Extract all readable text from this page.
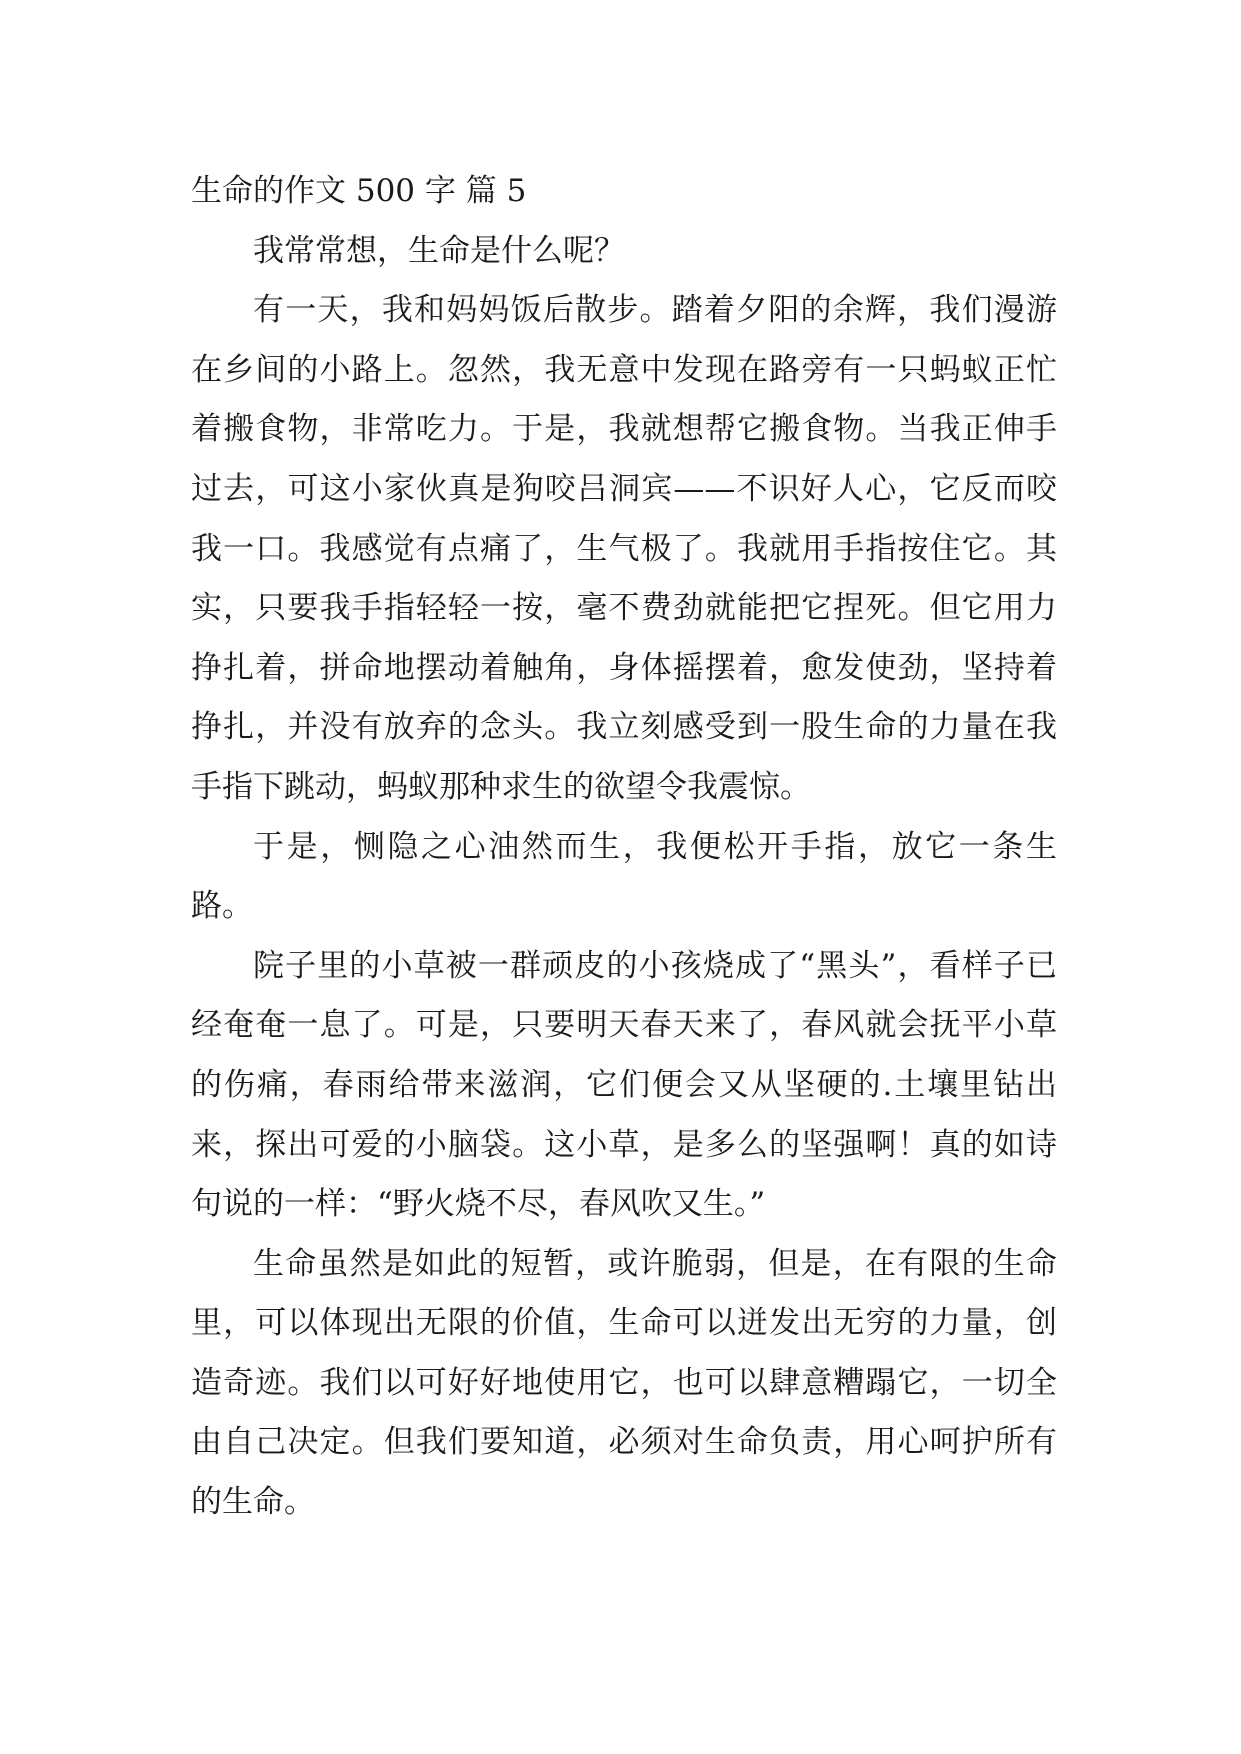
生命的作文 500 字 篇 5

我常常想，生命是什么呢？

有一天，我和妈妈饭后散步。踏着夕阳的余辉，我们漫游在乡间的小路上。忽然，我无意中发现在路旁有一只蚂蚁正忙着搬食物，非常吃力。于是，我就想帮它搬食物。当我正伸手过去，可这小家伙真是狗咬吕洞宾——不识好人心，它反而咬我一口。我感觉有点痛了，生气极了。我就用手指按住它。其实，只要我手指轻轻一按，毫不费劲就能把它捏死。但它用力挣扎着，拼命地摆动着触角，身体摇摆着，愈发使劲，坚持着挣扎，并没有放弃的念头。我立刻感受到一股生命的力量在我手指下跳动，蚂蚁那种求生的欲望令我震惊。

于是，恻隐之心油然而生，我便松开手指，放它一条生路。

院子里的小草被一群顽皮的小孩烧成了“黑头”，看样子已经奄奄一息了。可是，只要明天春天来了，春风就会抚平小草的伤痛，春雨给带来滋润，它们便会又从坚硬的.土壤里钻出来，探出可爱的小脑袋。这小草，是多么的坚强啊！真的如诗句说的一样：“野火烧不尽，春风吹又生。”

生命虽然是如此的短暂，或许脆弱，但是，在有限的生命里，可以体现出无限的价值，生命可以迸发出无穷的力量，创造奇迹。我们以可好好地使用它，也可以肆意糟蹋它，一切全由自己决定。但我们要知道，必须对生命负责，用心呵护所有的生命。
